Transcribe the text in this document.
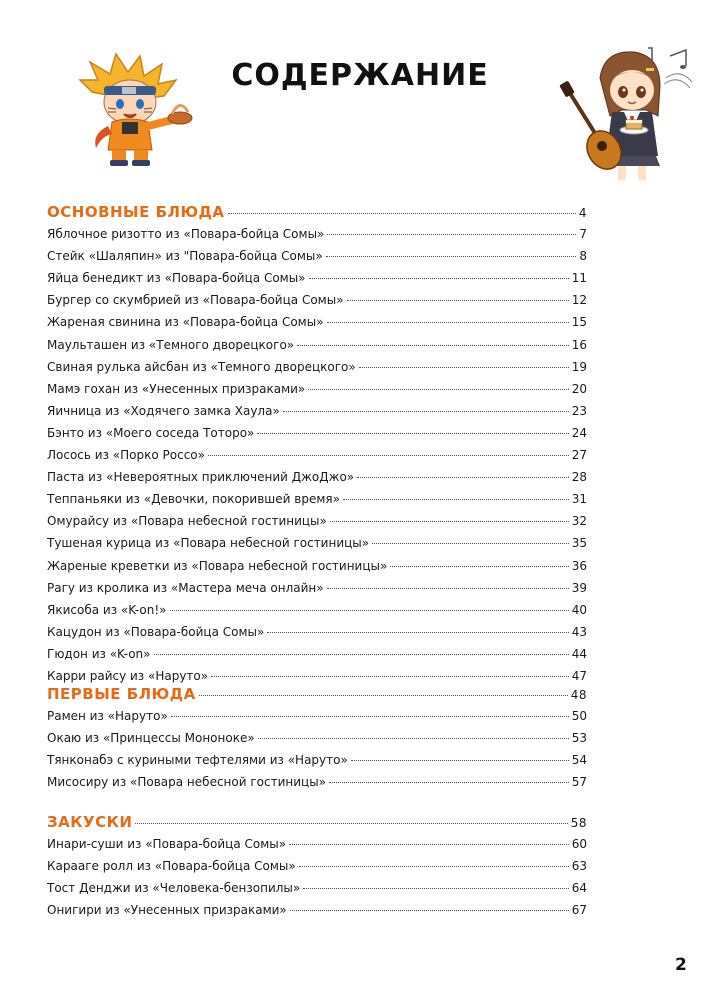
СОДЕРЖАНИЕ
ОСНОВНЫЕ БЛЮДА	4
Яблочное ризотто из «Повара-бойца Сомы»	7
Стейк «Шаляпин» из "Повара-бойца Сомы»	8
Яйца бенедикт из «Повара-бойца Сомы»	11
Бургер со скумбрией из «Повара-бойца Сомы»	12
Жареная свинина из «Повара-бойца Сомы»	15
Маульташен из «Темного дворецкого»	16
Свиная рулька айсбан из «Темного дворецкого»	19
Мамэ гохан из «Унесенных призраками»	20
Яичница из «Ходячего замка Хаула»	23
Бэнто из «Моего соседа Тоторо»	24
Лосось из «Порко Россо»	27
Паста из «Невероятных приключений ДжоДжо»	28
Теппаньяки из «Девочки, покорившей время»	31
Омурайсу из «Повара небесной гостиницы»	32
Тушеная курица из «Повара небесной гостиницы»	35
Жареные креветки из «Повара небесной гостиницы»	36
Рагу из кролика из «Мастера меча онлайн»	39
Якисоба из «K-on!»	40
Кацудон из «Повара-бойца Сомы»	43
Гюдон из «K-on»	44
Карри райсу из «Наруто»	47
ПЕРВЫЕ БЛЮДА	48
Рамен из «Наруто»	50
Окаю из «Принцессы Мононоке»	53
Тянконабэ с куриными тефтелями из «Наруто»	54
Мисосиру из «Повара небесной гостиницы»	57
ЗАКУСКИ	58
Инари-суши из «Повара-бойца Сомы»	60
Карааге ролл из «Повара-бойца Сомы»	63
Тост Денджи из «Человека-бензопилы»	64
Онигири из «Унесенных призраками»	67
2
